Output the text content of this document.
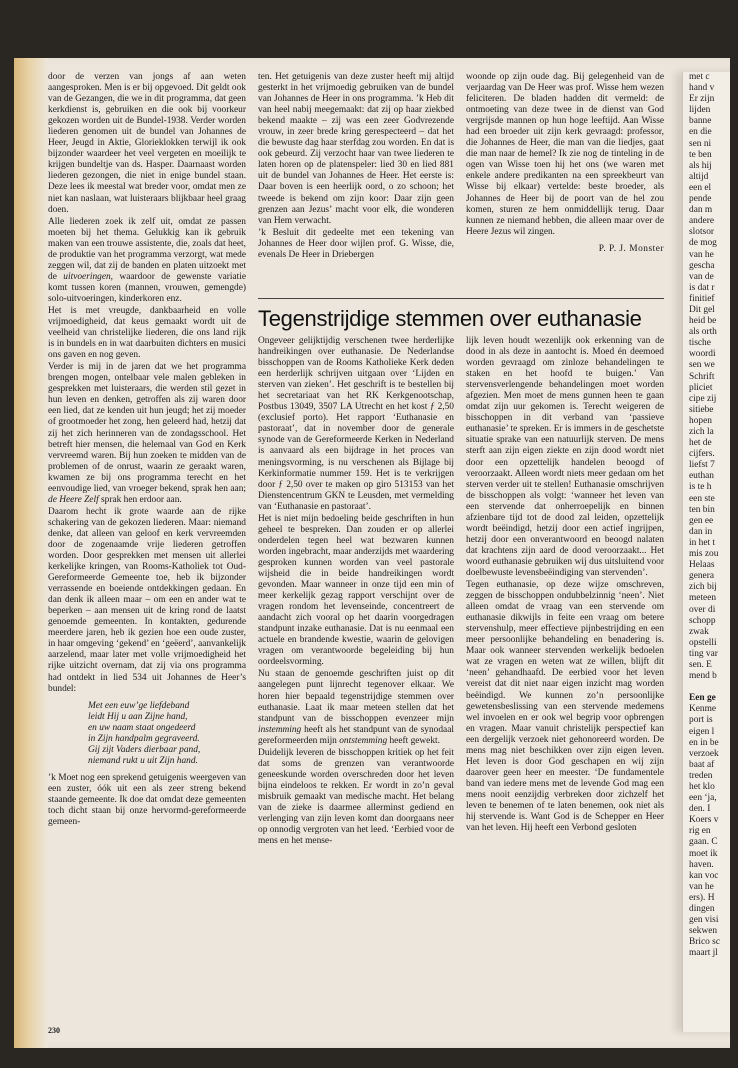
door de verzen van jongs af aan weten aangesproken. Men is er bij opgevoed. Dit geldt ook van de Gezangen, die we in dit programma, dat geen kerkdienst is, gebruiken en die ook bij voorkeur gekozen worden uit de Bundel-1938. Verder worden liederen genomen uit de bundel van Johannes de Heer, Jeugd in Aktie, Glorieklokken terwijl ik ook bijzonder waardeer het veel vergeten en moeilijk te krijgen bundeltje van ds. Hasper. Daarnaast worden liederen gezongen, die niet in enige bundel staan. Deze lees ik meestal wat breder voor, omdat men ze niet kan naslaan, wat luisteraars blijkbaar heel graag doen.

Alle liederen zoek ik zelf uit, omdat ze passen moeten bij het thema. Gelukkig kan ik gebruik maken van een trouwe assistente, die, zoals dat heet, de produktie van het programma verzorgt, wat mede zeggen wil, dat zij de banden en platen uitzoekt met de uitvoeringen, waardoor de gewenste variatie komt tussen koren (mannen, vrouwen, gemengde) solo-uitvoeringen, kinderkoren enz.

Het is met vreugde, dankbaarheid en volle vrijmoedigheid, dat keus gemaakt wordt uit de veelheid van christelijke liederen, die ons land rijk is in bundels en in wat daarbuiten dichters en musici ons gaven en nog geven.

Verder is mij in de jaren dat we het programma brengen mogen, ontelbaar vele malen gebleken in gesprekken met luisteraars, die werden stil gezet in hun leven en denken, getroffen als zij waren door een lied, dat ze kenden uit hun jeugd; het zij moeder of grootmoeder het zong, hen geleerd had, hetzij dat zij het zich herinneren van de zondagsschool. Het betreft hier mensen, die helemaal van God en Kerk vervreemd waren. Bij hun zoeken te midden van de problemen of de onrust, waarin ze geraakt waren, kwamen ze bij ons programma terecht en het eenvoudige lied, van vroeger bekend, sprak hen aan; de Heere Zelf sprak hen erdoor aan.

Daarom hecht ik grote waarde aan de rijke schakering van de gekozen liederen. Maar: niemand denke, dat alleen van geloof en kerk vervreemden door de zogenaamde vrije liederen getroffen worden. Door gesprekken met mensen uit allerlei kerkelijke kringen, van Rooms-Katholiek tot Oud-Gereformeerde Gemeente toe, heb ik bijzonder verrassende en boeiende ontdekkingen gedaan. En dan denk ik alleen maar – om een en ander wat te beperken – aan mensen uit de kring rond de laatst genoemde gemeenten. In kontakten, gedurende meerdere jaren, heb ik gezien hoe een oude zuster, in haar omgeving ‘gekend’ en ‘geëerd’, aanvankelijk aarzelend, maar later met volle vrijmoedigheid het rijke uitzicht overnam, dat zij via ons programma had ontdekt in lied 534 uit Johannes de Heer’s bundel:

Met een euw’ge liefdeband
leidt Hij u aan Zijne hand,
en uw naam staat ongedeerd
in Zijn handpalm gegraveerd.
Gij zijt Vaders dierbaar pand,
niemand rukt u uit Zijn hand.

’k Moet nog een sprekend getuigenis weergeven van een zuster, óók uit een als zeer streng bekend staande gemeente. Ik doe dat omdat deze gemeenten toch dicht staan bij onze hervormd-gereformeerde gemeen-

ten. Het getuigenis van deze zuster heeft mij altijd gesterkt in het vrijmoedig gebruiken van de bundel van Johannes de Heer in ons programma. ’k Heb dit van heel nabij meegemaakt: dat zij op haar ziekbed bekend maakte – zij was een zeer Godvrezende vrouw, in zeer brede kring gerespecteerd – dat het die bewuste dag haar sterfdag zou worden. En dat is ook gebeurd. Zij verzocht haar van twee liederen te laten horen op de platenspeler: lied 30 en lied 881 uit de bundel van Johannes de Heer. Het eerste is: Daar boven is een heerlijk oord, o zo schoon; het tweede is bekend om zijn koor: Daar zijn geen grenzen aan Jezus’ macht voor elk, die wonderen van Hem verwacht.

’k Besluit dit gedeelte met een tekening van Johannes de Heer door wijlen prof. G. Wisse, die, evenals De Heer in Driebergen

woonde op zijn oude dag. Bij gelegenheid van de verjaardag van De Heer was prof. Wisse hem wezen feliciteren. De bladen hadden dit vermeld: de ontmoeting van deze twee in de dienst van God vergrijsde mannen op hun hoge leeftijd. Aan Wisse had een broeder uit zijn kerk gevraagd: professor, die Johannes de Heer, die man van die liedjes, gaat die man naar de hemel? Ik zie nog de tinteling in de ogen van Wisse toen hij het ons (we waren met enkele andere predikanten na een spreekbeurt van Wisse bij elkaar) vertelde: beste broeder, als Johannes de Heer bij de poort van de hel zou komen, sturen ze hem onmiddellijk terug. Daar kunnen ze niemand hebben, die alleen maar over de Heere Jezus wil zingen.

P. P. J. Monster
Tegenstrijdige stemmen over euthanasie

Ongeveer gelijktijdig verschenen twee herderlijke handreikingen over euthanasie. De Nederlandse bisschoppen van de Rooms Katholieke Kerk deden een herderlijk schrijven uitgaan over ‘Lijden en sterven van zieken’. Het geschrift is te bestellen bij het secretariaat van het RK Kerkgenootschap, Postbus 13049, 3507 LA Utrecht en het kost ƒ 2,50 (exclusief porto). Het rapport ‘Euthanasie en pastoraat’, dat in november door de generale synode van de Gereformeerde Kerken in Nederland is aanvaard als een bijdrage in het proces van meningsvorming, is nu verschenen als Bijlage bij Kerkinformatie nummer 159. Het is te verkrijgen door ƒ 2,50 over te maken op giro 513153 van het Dienstencentrum GKN te Leusden, met vermelding van ‘Euthanasie en pastoraat’.

Het is niet mijn bedoeling beide geschriften in hun geheel te bespreken. Dan zouden er op allerlei onderdelen tegen heel wat bezwaren kunnen worden ingebracht, maar anderzijds met waardering gesproken kunnen worden van veel pastorale wijsheid die in beide handreikingen wordt gevonden. Maar wanneer in onze tijd een min of meer kerkelijk gezag rapport verschijnt over de vragen rondom het levenseinde, concentreert de aandacht zich vooral op het daarin voorgedragen standpunt inzake euthanasie. Dat is nu eenmaal een actuele en brandende kwestie, waarin de gelovigen vragen om verantwoorde begeleiding bij hun oordeelsvorming.

Nu staan de genoemde geschriften juist op dit aangelegen punt lijnrecht tegenover elkaar. We horen hier bepaald tegenstrijdige stemmen over euthanasie. Laat ik maar meteen stellen dat het standpunt van de bisschoppen evenzeer mijn instemming heeft als het standpunt van de synodaal gereformeerden mijn ontstemming heeft gewekt.

Duidelijk leveren de bisschoppen kritiek op het feit dat soms de grenzen van verantwoorde geneeskunde worden overschreden door het leven bijna eindeloos te rekken. Er wordt in zo’n geval misbruik gemaakt van medische macht. Het belang van de zieke is daarmee allerminst gediend en verlenging van zijn leven komt dan doorgaans neer op onnodig vergroten van het leed. ‘Eerbied voor de mens en het mense-

lijk leven houdt wezenlijk ook erkenning van de dood in als deze in aantocht is. Moed én deemoed worden gevraagd om zinloze behandelingen te staken en het hoofd te buigen.’ Van stervensverlengende behandelingen moet worden afgezien. Men moet de mens gunnen heen te gaan omdat zijn uur gekomen is. Terecht weigeren de bisschoppen in dit verband van ‘passieve euthanasie’ te spreken. Er is immers in de geschetste situatie sprake van een natuurlijk sterven. De mens sterft aan zijn eigen ziekte en zijn dood wordt niet door een opzettelijk handelen beoogd of veroorzaakt. Alleen wordt niets meer gedaan om het sterven verder uit te stellen! Euthanasie omschrijven de bisschoppen als volgt: ‘wanneer het leven van een stervende dat onherroepelijk en binnen afzienbare tijd tot de dood zal leiden, opzettelijk wordt beëindigd, hetzij door een actief ingrijpen, hetzij door een onverantwoord en beoogd nalaten dat krachtens zijn aard de dood veroorzaakt... Het woord euthanasie gebruiken wij dus uitsluitend voor doelbewuste levensbeëindiging van stervenden’.

Tegen euthanasie, op deze wijze omschreven, zeggen de bisschoppen ondubbelzinnig ‘neen’. Niet alleen omdat de vraag van een stervende om euthanasie dikwijls in feite een vraag om betere stervenshulp, meer effectieve pijnbestrijding en een meer persoonlijke behandeling en benadering is. Maar ook wanneer stervenden werkelijk bedoelen wat ze vragen en weten wat ze willen, blijft dit ‘neen’ gehandhaafd. De eerbied voor het leven vereist dat dit niet naar eigen inzicht mag worden beëindigd. We kunnen zo’n persoonlijke gewetensbeslissing van een stervende medemens wel invoelen en er ook wel begrip voor opbrengen en vragen. Maar vanuit christelijk perspectief kan een dergelijk verzoek niet gehonoreerd worden. De mens mag niet beschikken over zijn eigen leven. Het leven is door God geschapen en wij zijn daarover geen heer en meester. ‘De fundamentele band van iedere mens met de levende God mag een mens nooit eenzijdig verbreken door zichzelf het leven te benemen of te laten benemen, ook niet als hij stervende is. Want God is de Schepper en Heer van het leven. Hij heeft een Verbond gesloten

230
met c
hand v
Er zijn
lijden
banne
en die
sen ni
te ben
als hij
altijd
een el
pende
dan m
andere
slotsor
de mog
van he
gescha
van de
is dat r
finitief
Dit gel
heid be
als orth
tische
woordi
sen we
Schrift
pliciet
cipe zij
sitiebe
hopen
zich la
het de
cijfers.
liefst 7
euthan
is te h
een ste
ten bin
gen ee
dan in
in het t
mis zou
Helaas
genera
zich bij
meteen
over di
schopp
zwak
opstelli
ting var
sen. E
mend b

Een ge
Kenme
port is
eigen l
en in be
verzoek
baat af
treden
het klo
een ‘ja,
den. I
Koers v
rig en
gaan. C
moet ik
haven.
kan voc
van he
ers). H
dingen
gen visi
sekwen
Brico sc
maart jl
